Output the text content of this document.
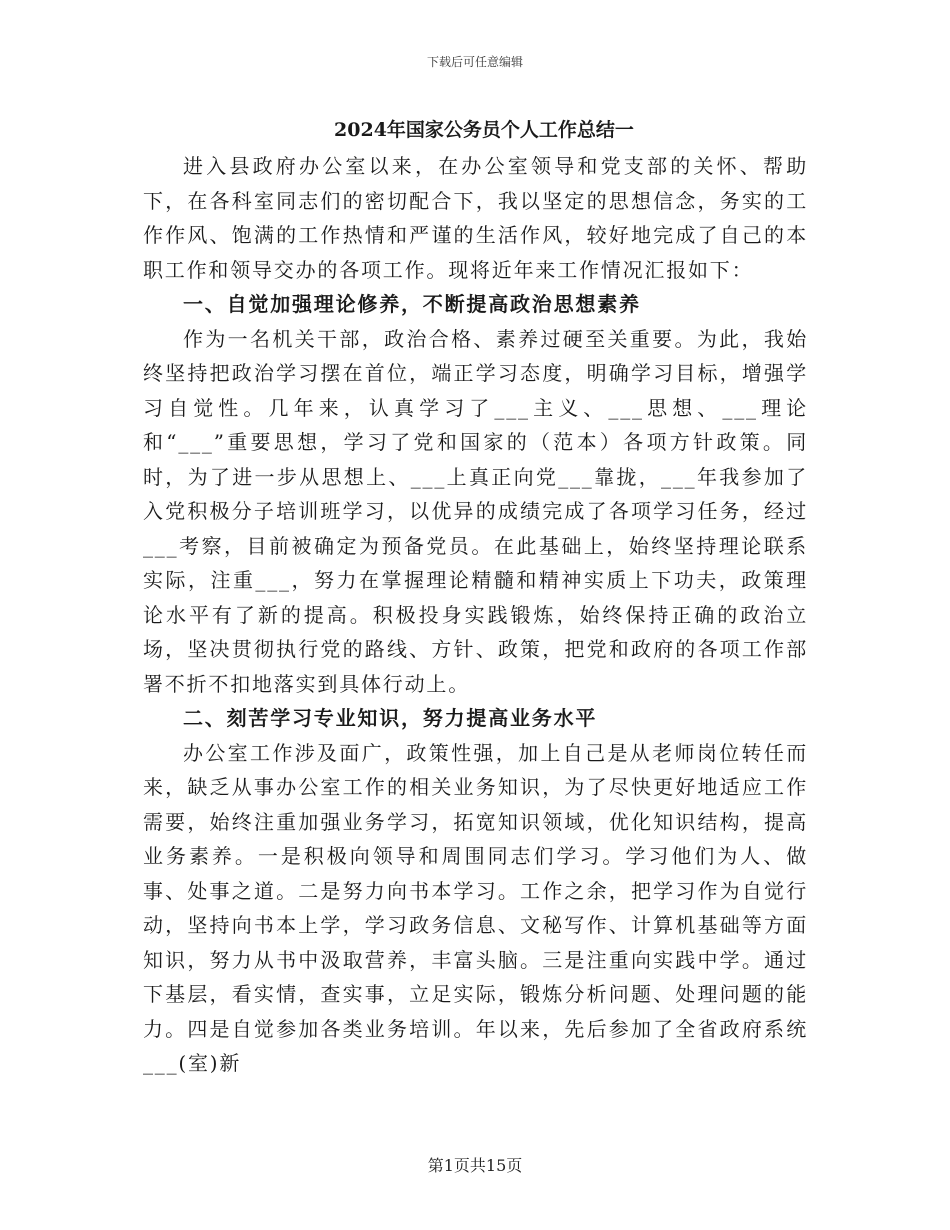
下载后可任意编辑
2024年国家公务员个人工作总结一

进入县政府办公室以来，在办公室领导和党支部的关怀、帮助下，在各科室同志们的密切配合下，我以坚定的思想信念，务实的工作作风、饱满的工作热情和严谨的生活作风，较好地完成了自己的本职工作和领导交办的各项工作。现将近年来工作情况汇报如下：

一、自觉加强理论修养，不断提高政治思想素养

作为一名机关干部，政治合格、素养过硬至关重要。为此，我始终坚持把政治学习摆在首位，端正学习态度，明确学习目标，增强学习自觉性。几年来，认真学习了___主义、___思想、___理论和“___”重要思想，学习了党和国家的（范本）各项方针政策。同时，为了进一步从思想上、___上真正向党___靠拢，___年我参加了入党积极分子培训班学习，以优异的成绩完成了各项学习任务，经过___考察，目前被确定为预备党员。在此基础上，始终坚持理论联系实际，注重___，努力在掌握理论精髓和精神实质上下功夫，政策理论水平有了新的提高。积极投身实践锻炼，始终保持正确的政治立场，坚决贯彻执行党的路线、方针、政策，把党和政府的各项工作部署不折不扣地落实到具体行动上。

二、刻苦学习专业知识，努力提高业务水平

办公室工作涉及面广，政策性强，加上自己是从老师岗位转任而来，缺乏从事办公室工作的相关业务知识，为了尽快更好地适应工作需要，始终注重加强业务学习，拓宽知识领域，优化知识结构，提高业务素养。一是积极向领导和周围同志们学习。学习他们为人、做事、处事之道。二是努力向书本学习。工作之余，把学习作为自觉行动，坚持向书本上学，学习政务信息、文秘写作、计算机基础等方面知识，努力从书中汲取营养，丰富头脑。三是注重向实践中学。通过下基层，看实情，查实事，立足实际，锻炼分析问题、处理问题的能力。四是自觉参加各类业务培训。年以来，先后参加了全省政府系统___(室)新

第1页共15页
